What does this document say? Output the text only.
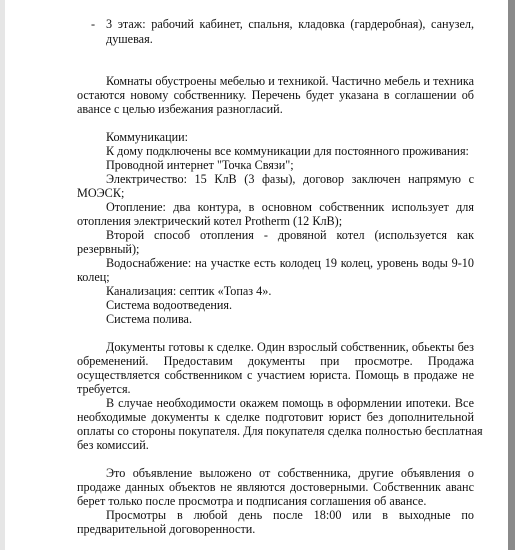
- 3 этаж: рабочий кабинет, спальня, кладовка (гардеробная), санузел,

душевая.

Комнаты обустроены мебелью и техникой. Частично мебель и техника

остаются новому собственнику. Перечень будет указана в соглашении об

авансе с целью избежания разногласий.

Коммуникации:

К дому подключены все коммуникации для постоянного проживания:

Проводной интернет "Точка Связи";

Электричество: 15 КлВ (3 фазы), договор заключен напрямую с

МОЭСК;

Отопление: два контура, в основном собственник использует для

отопления электрический котел Protherm (12 КлВ);

Второй способ отопления - дровяной котел (используется как

резервный);

Водоснабжение: на участке есть колодец 19 колец, уровень воды 9-10

колец;

Канализация: септик «Топаз 4».

Система водоотведения.

Система полива.

Документы готовы к сделке. Один взрослый собственник, обьекты без

обременений. Предоставим документы при просмотре. Продажа

осуществляется собственником с участием юриста. Помощь в продаже не

требуется.

В случае необходимости окажем помощь в оформлении ипотеки. Все

необходимые документы к сделке подготовит юрист без дополнительной

оплаты со стороны покупателя. Для покупателя сделка полностью бесплатная

без комиссий.

Это объявление выложено от собственника, другие объявления о

продаже данных объектов не являются достоверными. Собственник аванс

берет только после просмотра и подписания соглашения об авансе.

Просмотры в любой день после 18:00 или в выходные по

предварительной договоренности.
